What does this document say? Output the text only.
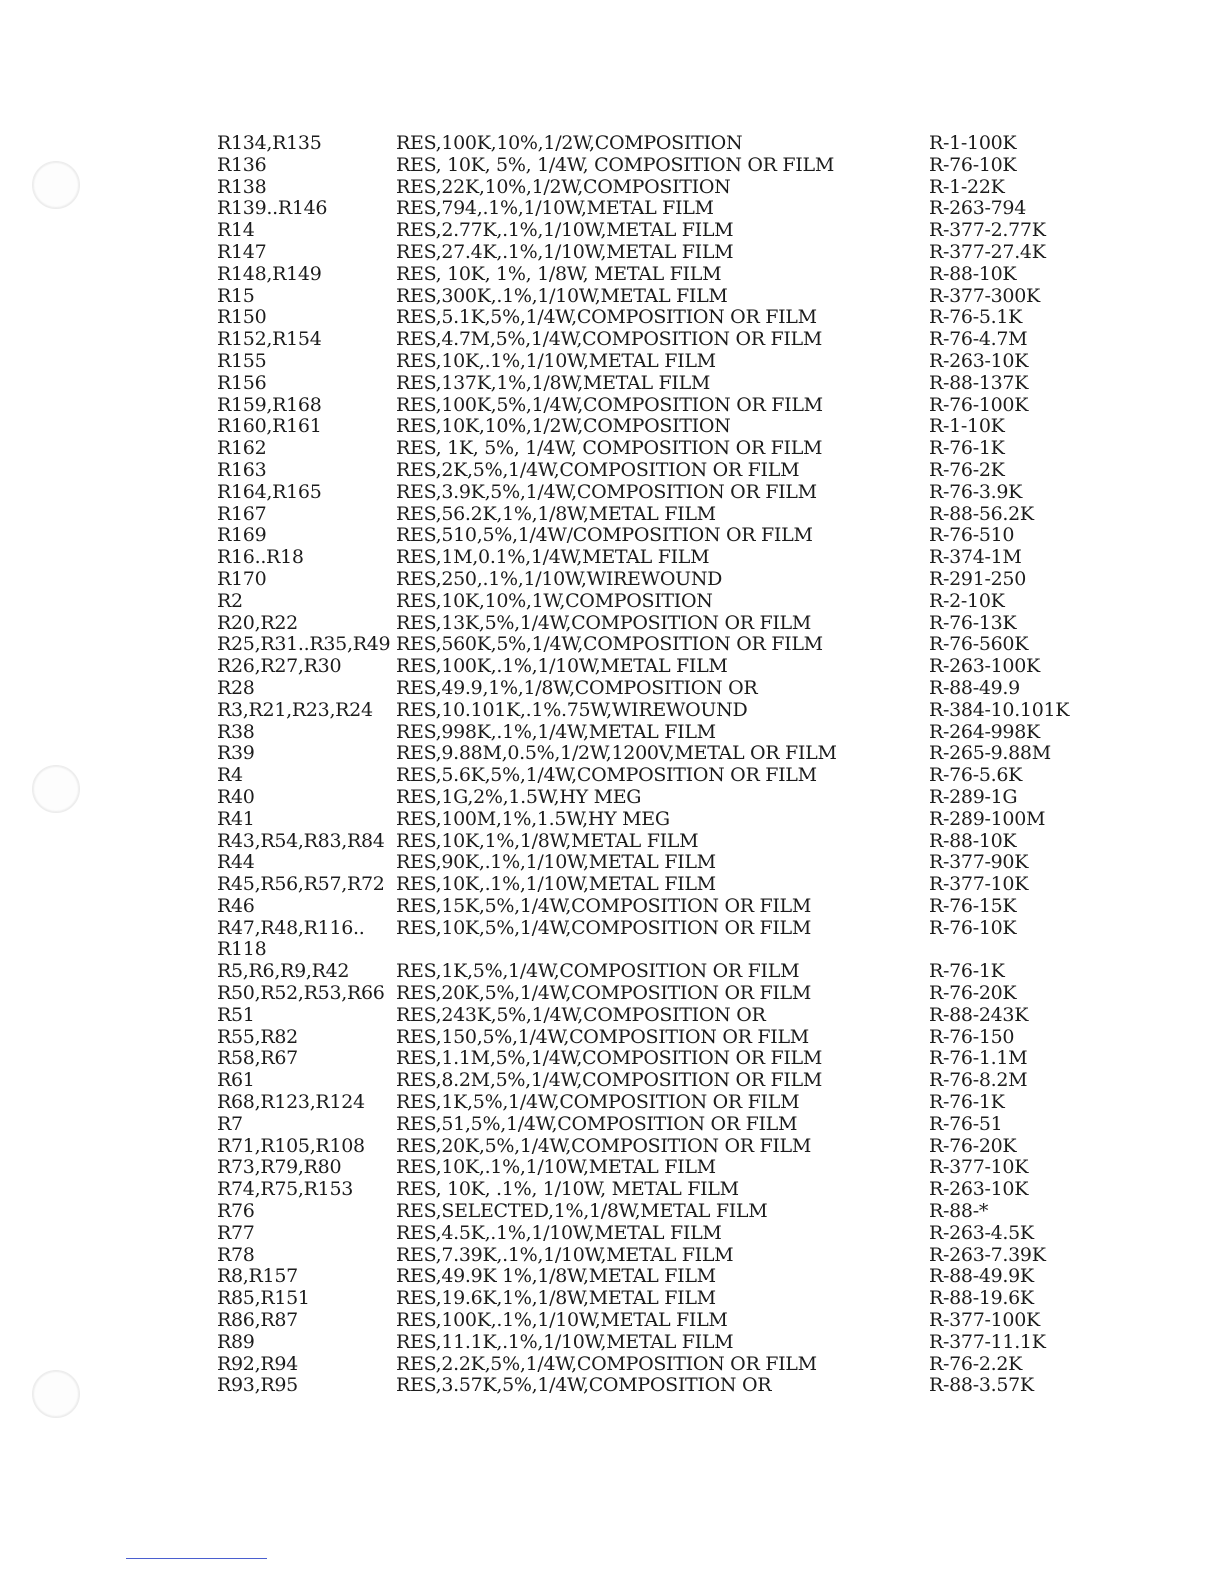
R134,R135	RES,100K,10%,1/2W,COMPOSITION	R-1-100K
R136	RES, 10K, 5%, 1/4W, COMPOSITION OR FILM	R-76-10K
R138	RES,22K,10%,1/2W,COMPOSITION	R-1-22K
R139..R146	RES,794,.1%,1/10W,METAL FILM	R-263-794
R14	RES,2.77K,.1%,1/10W,METAL FILM	R-377-2.77K
R147	RES,27.4K,.1%,1/10W,METAL FILM	R-377-27.4K
R148,R149	RES, 10K, 1%, 1/8W, METAL FILM	R-88-10K
R15	RES,300K,.1%,1/10W,METAL FILM	R-377-300K
R150	RES,5.1K,5%,1/4W,COMPOSITION OR FILM	R-76-5.1K
R152,R154	RES,4.7M,5%,1/4W,COMPOSITION OR FILM	R-76-4.7M
R155	RES,10K,.1%,1/10W,METAL FILM	R-263-10K
R156	RES,137K,1%,1/8W,METAL FILM	R-88-137K
R159,R168	RES,100K,5%,1/4W,COMPOSITION OR FILM	R-76-100K
R160,R161	RES,10K,10%,1/2W,COMPOSITION	R-1-10K
R162	RES, 1K, 5%, 1/4W, COMPOSITION OR FILM	R-76-1K
R163	RES,2K,5%,1/4W,COMPOSITION OR FILM	R-76-2K
R164,R165	RES,3.9K,5%,1/4W,COMPOSITION OR FILM	R-76-3.9K
R167	RES,56.2K,1%,1/8W,METAL FILM	R-88-56.2K
R169	RES,510,5%,1/4W/COMPOSITION OR FILM	R-76-510
R16..R18	RES,1M,0.1%,1/4W,METAL FILM	R-374-1M
R170	RES,250,.1%,1/10W,WIREWOUND	R-291-250
R2	RES,10K,10%,1W,COMPOSITION	R-2-10K
R20,R22	RES,13K,5%,1/4W,COMPOSITION OR FILM	R-76-13K
R25,R31..R35,R49 RES,560K,5%,1/4W,COMPOSITION OR FILM	R-76-560K
R26,R27,R30	RES,100K,.1%,1/10W,METAL FILM	R-263-100K
R28	RES,49.9,1%,1/8W,COMPOSITION OR	R-88-49.9
R3,R21,R23,R24	RES,10.101K,.1%.75W,WIREWOUND	R-384-10.101K
R38	RES,998K,.1%,1/4W,METAL FILM	R-264-998K
R39	RES,9.88M,0.5%,1/2W,1200V,METAL OR FILM	R-265-9.88M
R4	RES,5.6K,5%,1/4W,COMPOSITION OR FILM	R-76-5.6K
R40	RES,1G,2%,1.5W,HY MEG	R-289-1G
R41	RES,100M,1%,1.5W,HY MEG	R-289-100M
R43,R54,R83,R84 RES,10K,1%,1/8W,METAL FILM	R-88-10K
R44	RES,90K,.1%,1/10W,METAL FILM	R-377-90K
R45,R56,R57,R72 RES,10K,.1%,1/10W,METAL FILM	R-377-10K
R46	RES,15K,5%,1/4W,COMPOSITION OR FILM	R-76-15K
R47,R48,R116..	RES,10K,5%,1/4W,COMPOSITION OR FILM	R-76-10K
R118
R5,R6,R9,R42	RES,1K,5%,1/4W,COMPOSITION OR FILM	R-76-1K
R50,R52,R53,R66 RES,20K,5%,1/4W,COMPOSITION OR FILM	R-76-20K
R51	RES,243K,5%,1/4W,COMPOSITION OR	R-88-243K
R55,R82	RES,150,5%,1/4W,COMPOSITION OR FILM	R-76-150
R58,R67	RES,1.1M,5%,1/4W,COMPOSITION OR FILM	R-76-1.1M
R61	RES,8.2M,5%,1/4W,COMPOSITION OR FILM	R-76-8.2M
R68,R123,R124	RES,1K,5%,1/4W,COMPOSITION OR FILM	R-76-1K
R7	RES,51,5%,1/4W,COMPOSITION OR FILM	R-76-51
R71,R105,R108	RES,20K,5%,1/4W,COMPOSITION OR FILM	R-76-20K
R73,R79,R80	RES,10K,.1%,1/10W,METAL FILM	R-377-10K
R74,R75,R153	RES, 10K, .1%, 1/10W, METAL FILM	R-263-10K
R76	RES,SELECTED,1%,1/8W,METAL FILM	R-88-*
R77	RES,4.5K,.1%,1/10W,METAL FILM	R-263-4.5K
R78	RES,7.39K,.1%,1/10W,METAL FILM	R-263-7.39K
R8,R157	RES,49.9K 1%,1/8W,METAL FILM	R-88-49.9K
R85,R151	RES,19.6K,1%,1/8W,METAL FILM	R-88-19.6K
R86,R87	RES,100K,.1%,1/10W,METAL FILM	R-377-100K
R89	RES,11.1K,.1%,1/10W,METAL FILM	R-377-11.1K
R92,R94	RES,2.2K,5%,1/4W,COMPOSITION OR FILM	R-76-2.2K
R93,R95	RES,3.57K,5%,1/4W,COMPOSITION OR	R-88-3.57K
